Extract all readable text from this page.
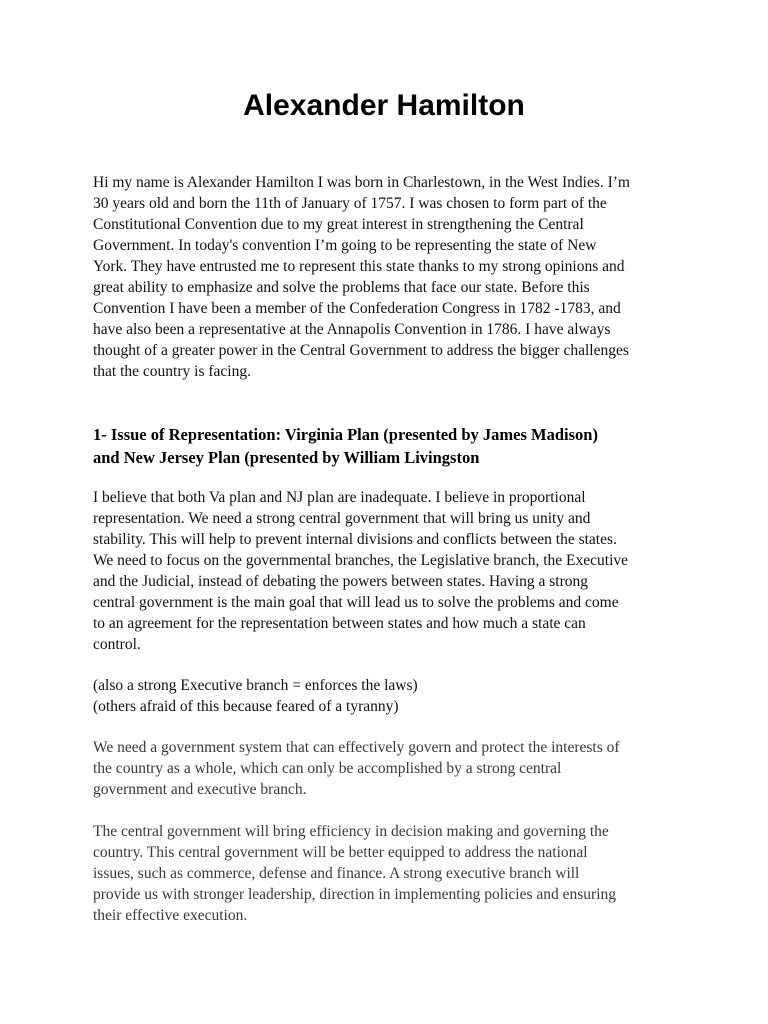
Alexander Hamilton

Hi my name is Alexander Hamilton I was born in Charlestown, in the West Indies. I’m
30 years old and born the 11th of January of 1757. I was chosen to form part of the
Constitutional Convention due to my great interest in strengthening the Central
Government. In today's convention I’m going to be representing the state of New
York. They have entrusted me to represent this state thanks to my strong opinions and
great ability to emphasize and solve the problems that face our state. Before this
Convention I have been a member of the Confederation Congress in 1782 -1783, and
have also been a representative at the Annapolis Convention in 1786. I have always
thought of a greater power in the Central Government to address the bigger challenges
that the country is facing.

1- Issue of Representation: Virginia Plan (presented by James Madison)
and New Jersey Plan (presented by William Livingston

I believe that both Va plan and NJ plan are inadequate. I believe in proportional
representation. We need a strong central government that will bring us unity and
stability. This will help to prevent internal divisions and conflicts between the states.
We need to focus on the governmental branches, the Legislative branch, the Executive
and the Judicial, instead of debating the powers between states. Having a strong
central government is the main goal that will lead us to solve the problems and come
to an agreement for the representation between states and how much a state can
control.

(also a strong Executive branch = enforces the laws)
(others afraid of this because feared of a tyranny)

We need a government system that can effectively govern and protect the interests of
the country as a whole, which can only be accomplished by a strong central
government and executive branch.

The central government will bring efficiency in decision making and governing the
country. This central government will be better equipped to address the national
issues, such as commerce, defense and finance. A strong executive branch will
provide us with stronger leadership, direction in implementing policies and ensuring
their effective execution.
